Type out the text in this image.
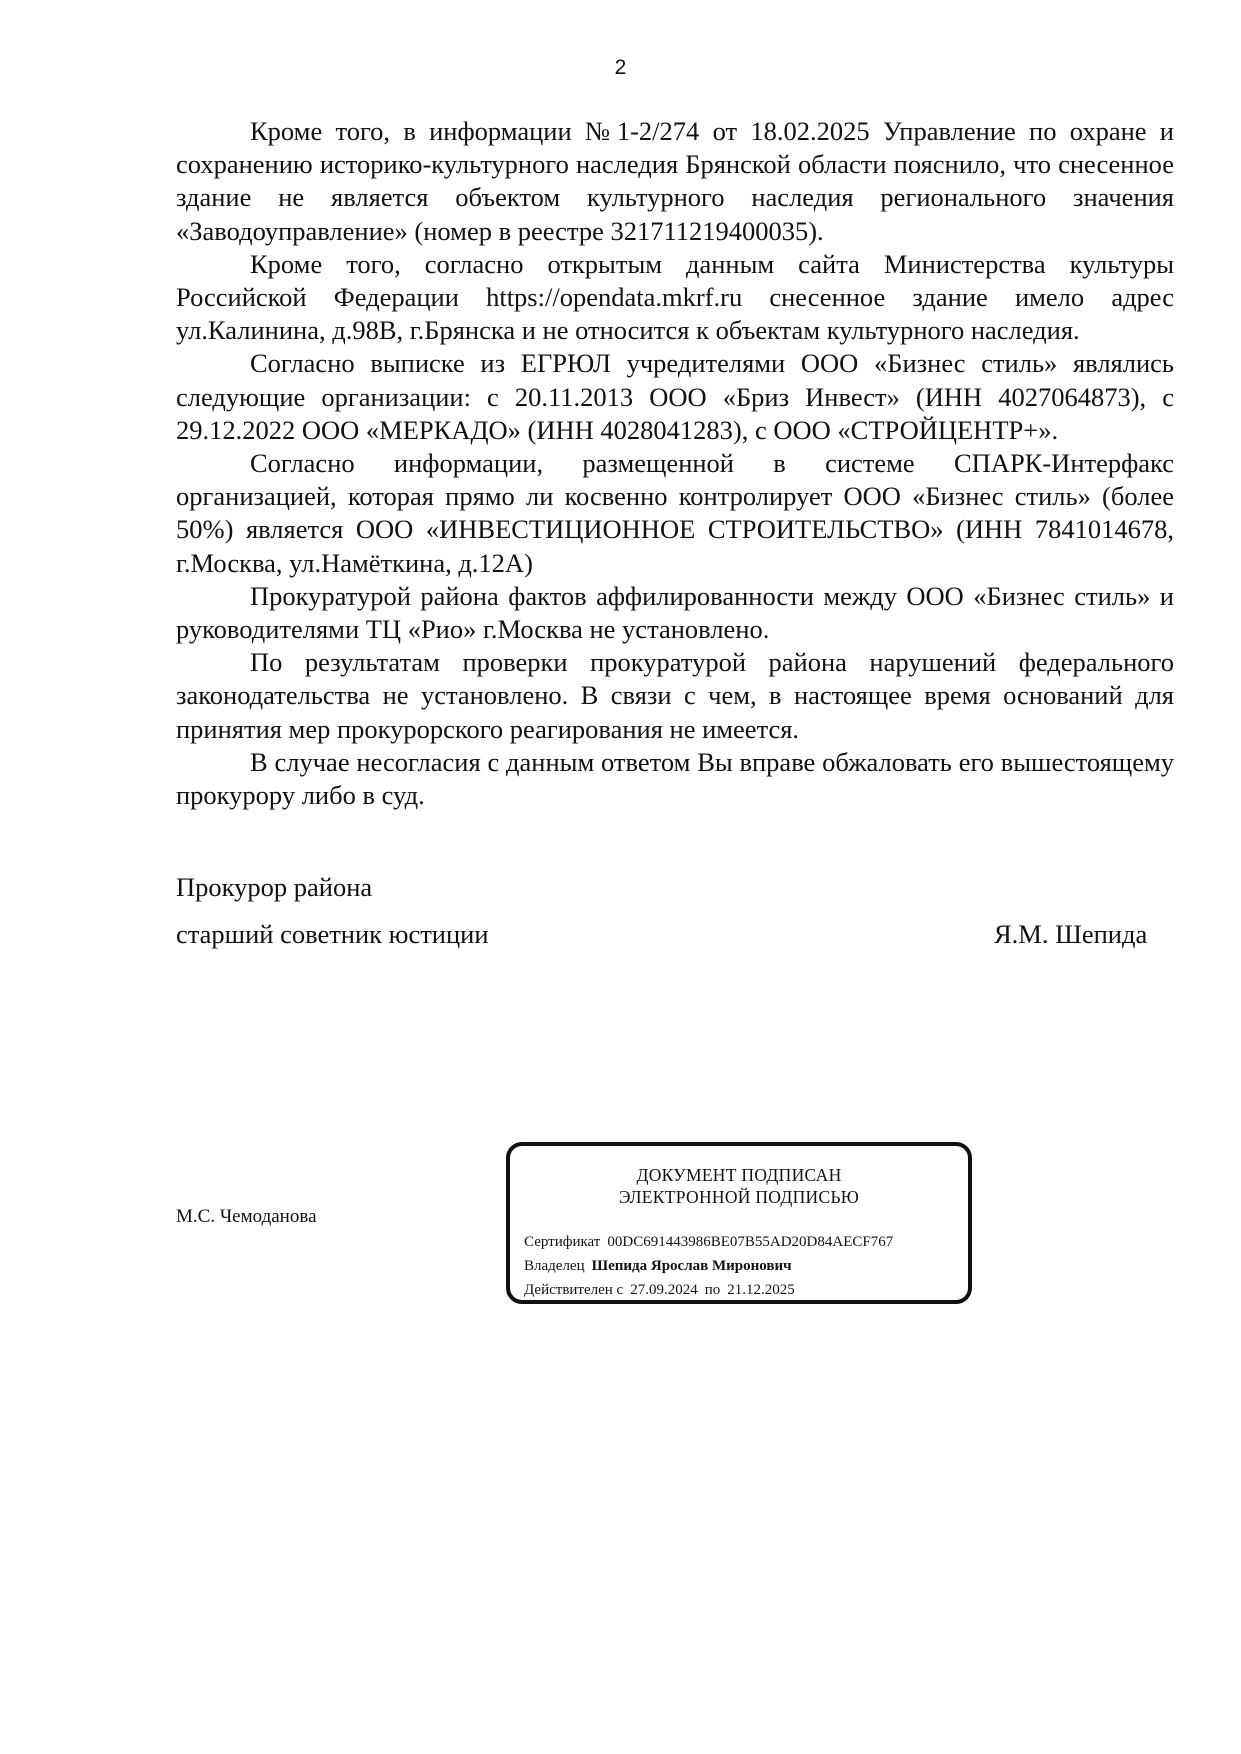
2

Кроме того, в информации №1-2/274 от 18.02.2025 Управление по охране и сохранению историко-культурного наследия Брянской области пояснило, что снесенное здание не является объектом культурного наследия регионального значения «Заводоуправление» (номер в реестре 321711219400035).

Кроме того, согласно открытым данным сайта Министерства культуры Российской Федерации https://opendata.mkrf.ru снесенное здание имело адрес ул.Калинина, д.98В, г.Брянска и не относится к объектам культурного наследия.

Согласно выписке из ЕГРЮЛ учредителями ООО «Бизнес стиль» являлись следующие организации: с 20.11.2013 ООО «Бриз Инвест» (ИНН 4027064873), с 29.12.2022 ООО «МЕРКАДО» (ИНН 4028041283), с ООО «СТРОЙЦЕНТР+».

Согласно информации, размещенной в системе СПАРК-Интерфакс организацией, которая прямо ли косвенно контролирует ООО «Бизнес стиль» (более 50%) является ООО «ИНВЕСТИЦИОННОЕ СТРОИТЕЛЬСТВО» (ИНН 7841014678, г.Москва, ул.Намёткина, д.12А)

Прокуратурой района фактов аффилированности между ООО «Бизнес стиль» и руководителями ТЦ «Рио» г.Москва не установлено.

По результатам проверки прокуратурой района нарушений федерального законодательства не установлено. В связи с чем, в настоящее время оснований для принятия мер прокурорского реагирования не имеется.

В случае несогласия с данным ответом Вы вправе обжаловать его вышестоящему прокурору либо в суд.

Прокурор района
старший советник юстиции	Я.М. Шепида
М.С. Чемоданова
ДОКУМЕНТ ПОДПИСАН
ЭЛЕКТРОННОЙ ПОДПИСЬЮ
Сертификат 00DC691443986BE07B55AD20D84AECF767
Владелец Шепида Ярослав Миронович
Действителен с 27.09.2024 по 21.12.2025
